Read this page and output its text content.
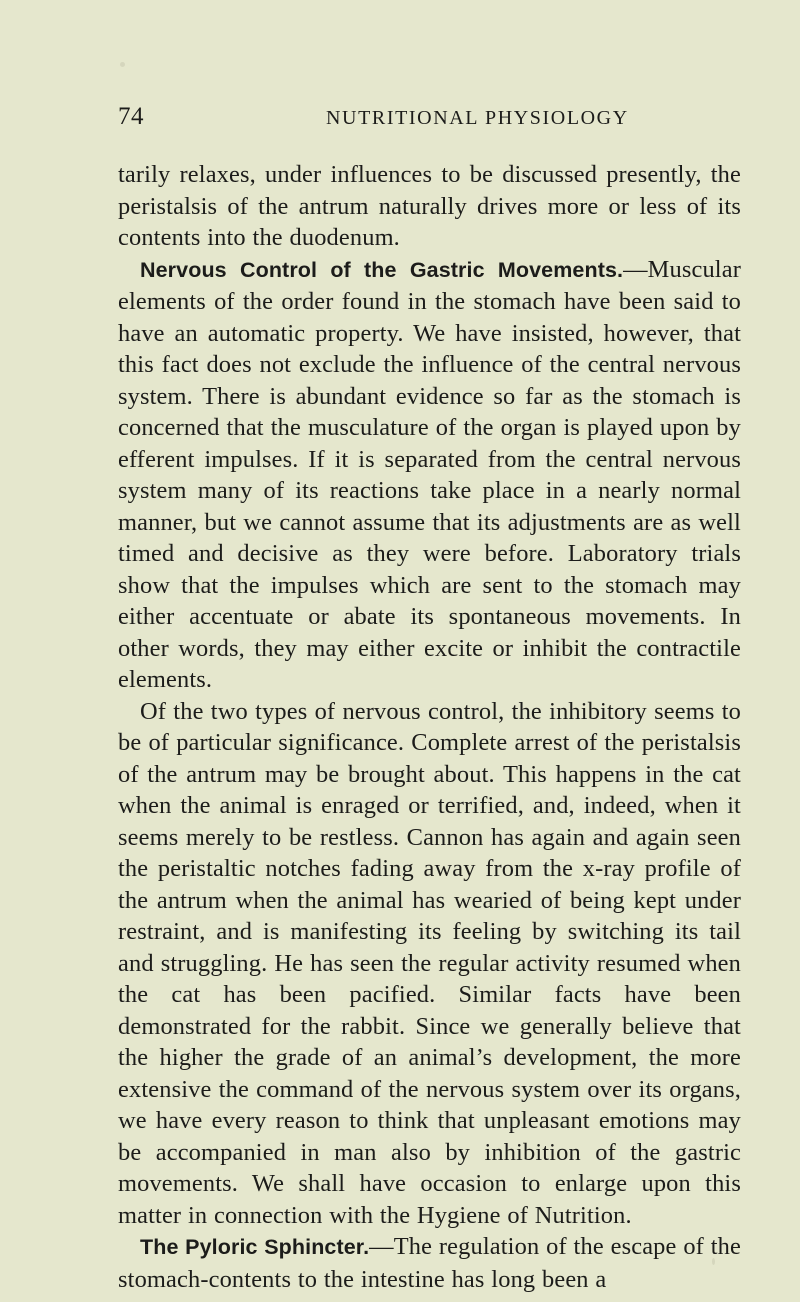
74	NUTRITIONAL PHYSIOLOGY

tarily relaxes, under influences to be discussed presently, the peristalsis of the antrum naturally drives more or less of its contents into the duodenum.

Nervous Control of the Gastric Movements.—Muscular elements of the order found in the stomach have been said to have an automatic property. We have insisted, however, that this fact does not exclude the influence of the central nervous system. There is abundant evidence so far as the stomach is concerned that the musculature of the organ is played upon by efferent impulses. If it is separated from the central nervous system many of its reactions take place in a nearly normal manner, but we cannot assume that its adjustments are as well timed and decisive as they were before. Laboratory trials show that the impulses which are sent to the stomach may either accentuate or abate its spontaneous movements. In other words, they may either excite or inhibit the contractile elements.

Of the two types of nervous control, the inhibitory seems to be of particular significance. Complete arrest of the peristalsis of the antrum may be brought about. This happens in the cat when the animal is enraged or terrified, and, indeed, when it seems merely to be restless. Cannon has again and again seen the peristaltic notches fading away from the x-ray profile of the antrum when the animal has wearied of being kept under restraint, and is manifesting its feeling by switching its tail and struggling. He has seen the regular activity resumed when the cat has been pacified. Similar facts have been demonstrated for the rabbit. Since we generally believe that the higher the grade of an animal’s development, the more extensive the command of the nervous system over its organs, we have every reason to think that unpleasant emotions may be accompanied in man also by inhibition of the gastric movements. We shall have occasion to enlarge upon this matter in connection with the Hygiene of Nutrition.

The Pyloric Sphincter.—The regulation of the escape of the stomach-contents to the intestine has long been a
